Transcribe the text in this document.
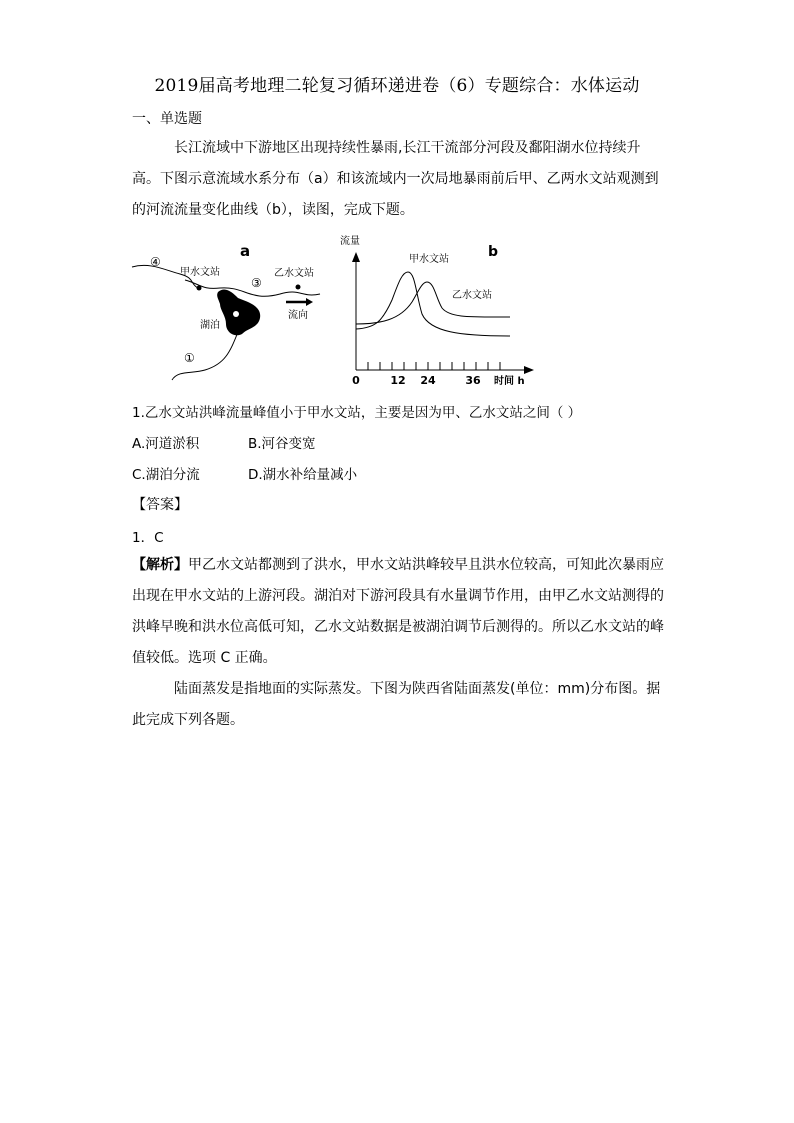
2019届高考地理二轮复习循环递进卷（6）专题综合：水体运动
一、单选题

长江流域中下游地区出现持续性暴雨,长江干流部分河段及鄱阳湖水位持续升高。下图示意流域水系分布（a）和该流域内一次局地暴雨前后甲、乙两水文站观测到的河流流量变化曲线（b），读图，完成下题。

a
④
甲水文站
③
乙水文站
湖泊
①
流向
流量
b
甲水文站
乙水文站
0	12 24	36 时间 h
1.乙水文站洪峰流量峰值小于甲水文站，主要是因为甲、乙水文站之间（ ）
A.河道淤积	B.河谷变宽
C.湖泊分流	D.湖水补给量减小
【答案】
1．C

【解析】甲乙水文站都测到了洪水，甲水文站洪峰较早且洪水位较高，可知此次暴雨应出现在甲水文站的上游河段。湖泊对下游河段具有水量调节作用，由甲乙水文站测得的洪峰早晚和洪水位高低可知，乙水文站数据是被湖泊调节后测得的。所以乙水文站的峰值较低。选项 C 正确。

陆面蒸发是指地面的实际蒸发。下图为陕西省陆面蒸发(单位：mm)分布图。据此完成下列各题。
